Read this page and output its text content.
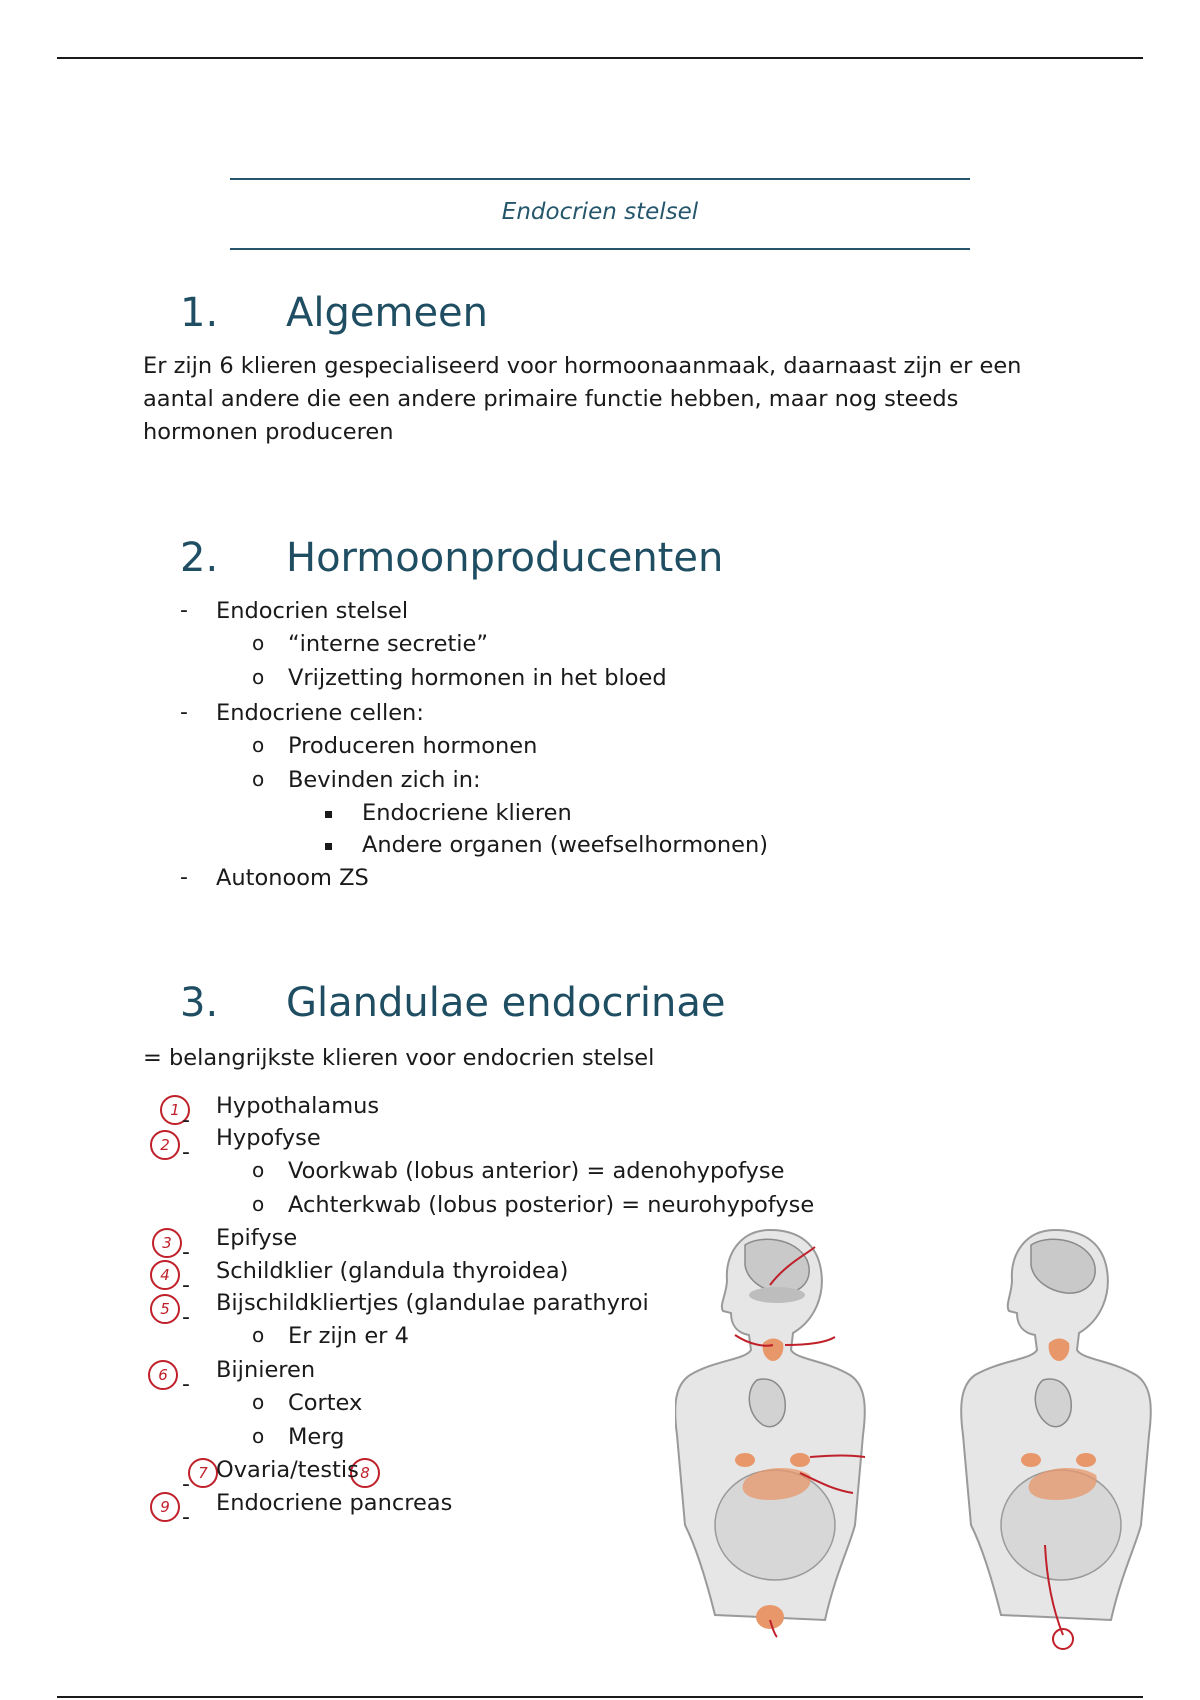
Endocrien stelsel
1. Algemeen
Er zijn 6 klieren gespecialiseerd voor hormoonaanmaak, daarnaast zijn er een aantal andere die een andere primaire functie hebben, maar nog steeds hormonen produceren
2. Hormoonproducenten
- Endocrien stelsel
o “interne secretie”
o Vrijzetting hormonen in het bloed
- Endocriene cellen:
o Produceren hormonen
o Bevinden zich in:
Endocriene klieren
Andere organen (weefselhormonen)
- Autonoom ZS
3. Glandulae endocrinae
= belangrijkste klieren voor endocrien stelsel
1
2
3
4
5
6
7	8
9
-
Hypothalamus
-
Hypofyse
o Voorkwab (lobus anterior) = adenohypofyse
o Achterkwab (lobus posterior) = neurohypofyse
-
Epifyse
-
Schildklier (glandula thyroidea)
-
Bijschildkliertjes (glandulae parathyroi
o Er zijn er 4
-
Bijnieren
o Cortex
o Merg
-
Ovaria/testis
-
Endocriene pancreas
